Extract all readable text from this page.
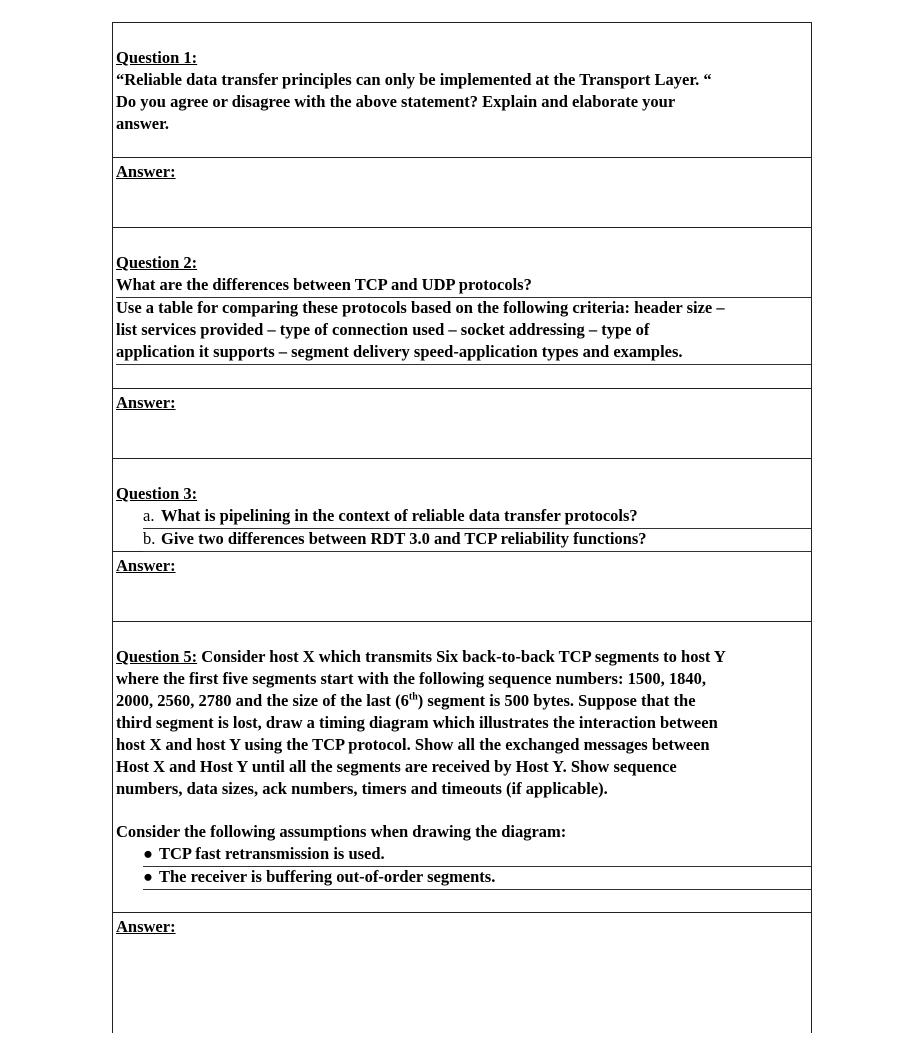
Question 1:
“Reliable data transfer principles can only be implemented at the Transport Layer. “
Do you agree or disagree with the above statement? Explain and elaborate your
answer.
Answer:
Question 2:
What are the differences between TCP and UDP protocols?
Use a table for comparing these protocols based on the following criteria: header size –
list services provided – type of connection used – socket addressing – type of
application it supports – segment delivery speed-application types and examples.
Answer:
Question 3:
a. What is pipelining in the context of reliable data transfer protocols?
b. Give two differences between RDT 3.0 and TCP reliability functions?
Answer:
Question 5: Consider host X which transmits Six back-to-back TCP segments to host Y
where the first five segments start with the following sequence numbers: 1500, 1840,
2000, 2560, 2780 and the size of the last (6th) segment is 500 bytes. Suppose that the
third segment is lost, draw a timing diagram which illustrates the interaction between
host X and host Y using the TCP protocol. Show all the exchanged messages between
Host X and Host Y until all the segments are received by Host Y. Show sequence
numbers, data sizes, ack numbers, timers and timeouts (if applicable).
Consider the following assumptions when drawing the diagram:
● TCP fast retransmission is used.
● The receiver is buffering out-of-order segments.
Answer:
